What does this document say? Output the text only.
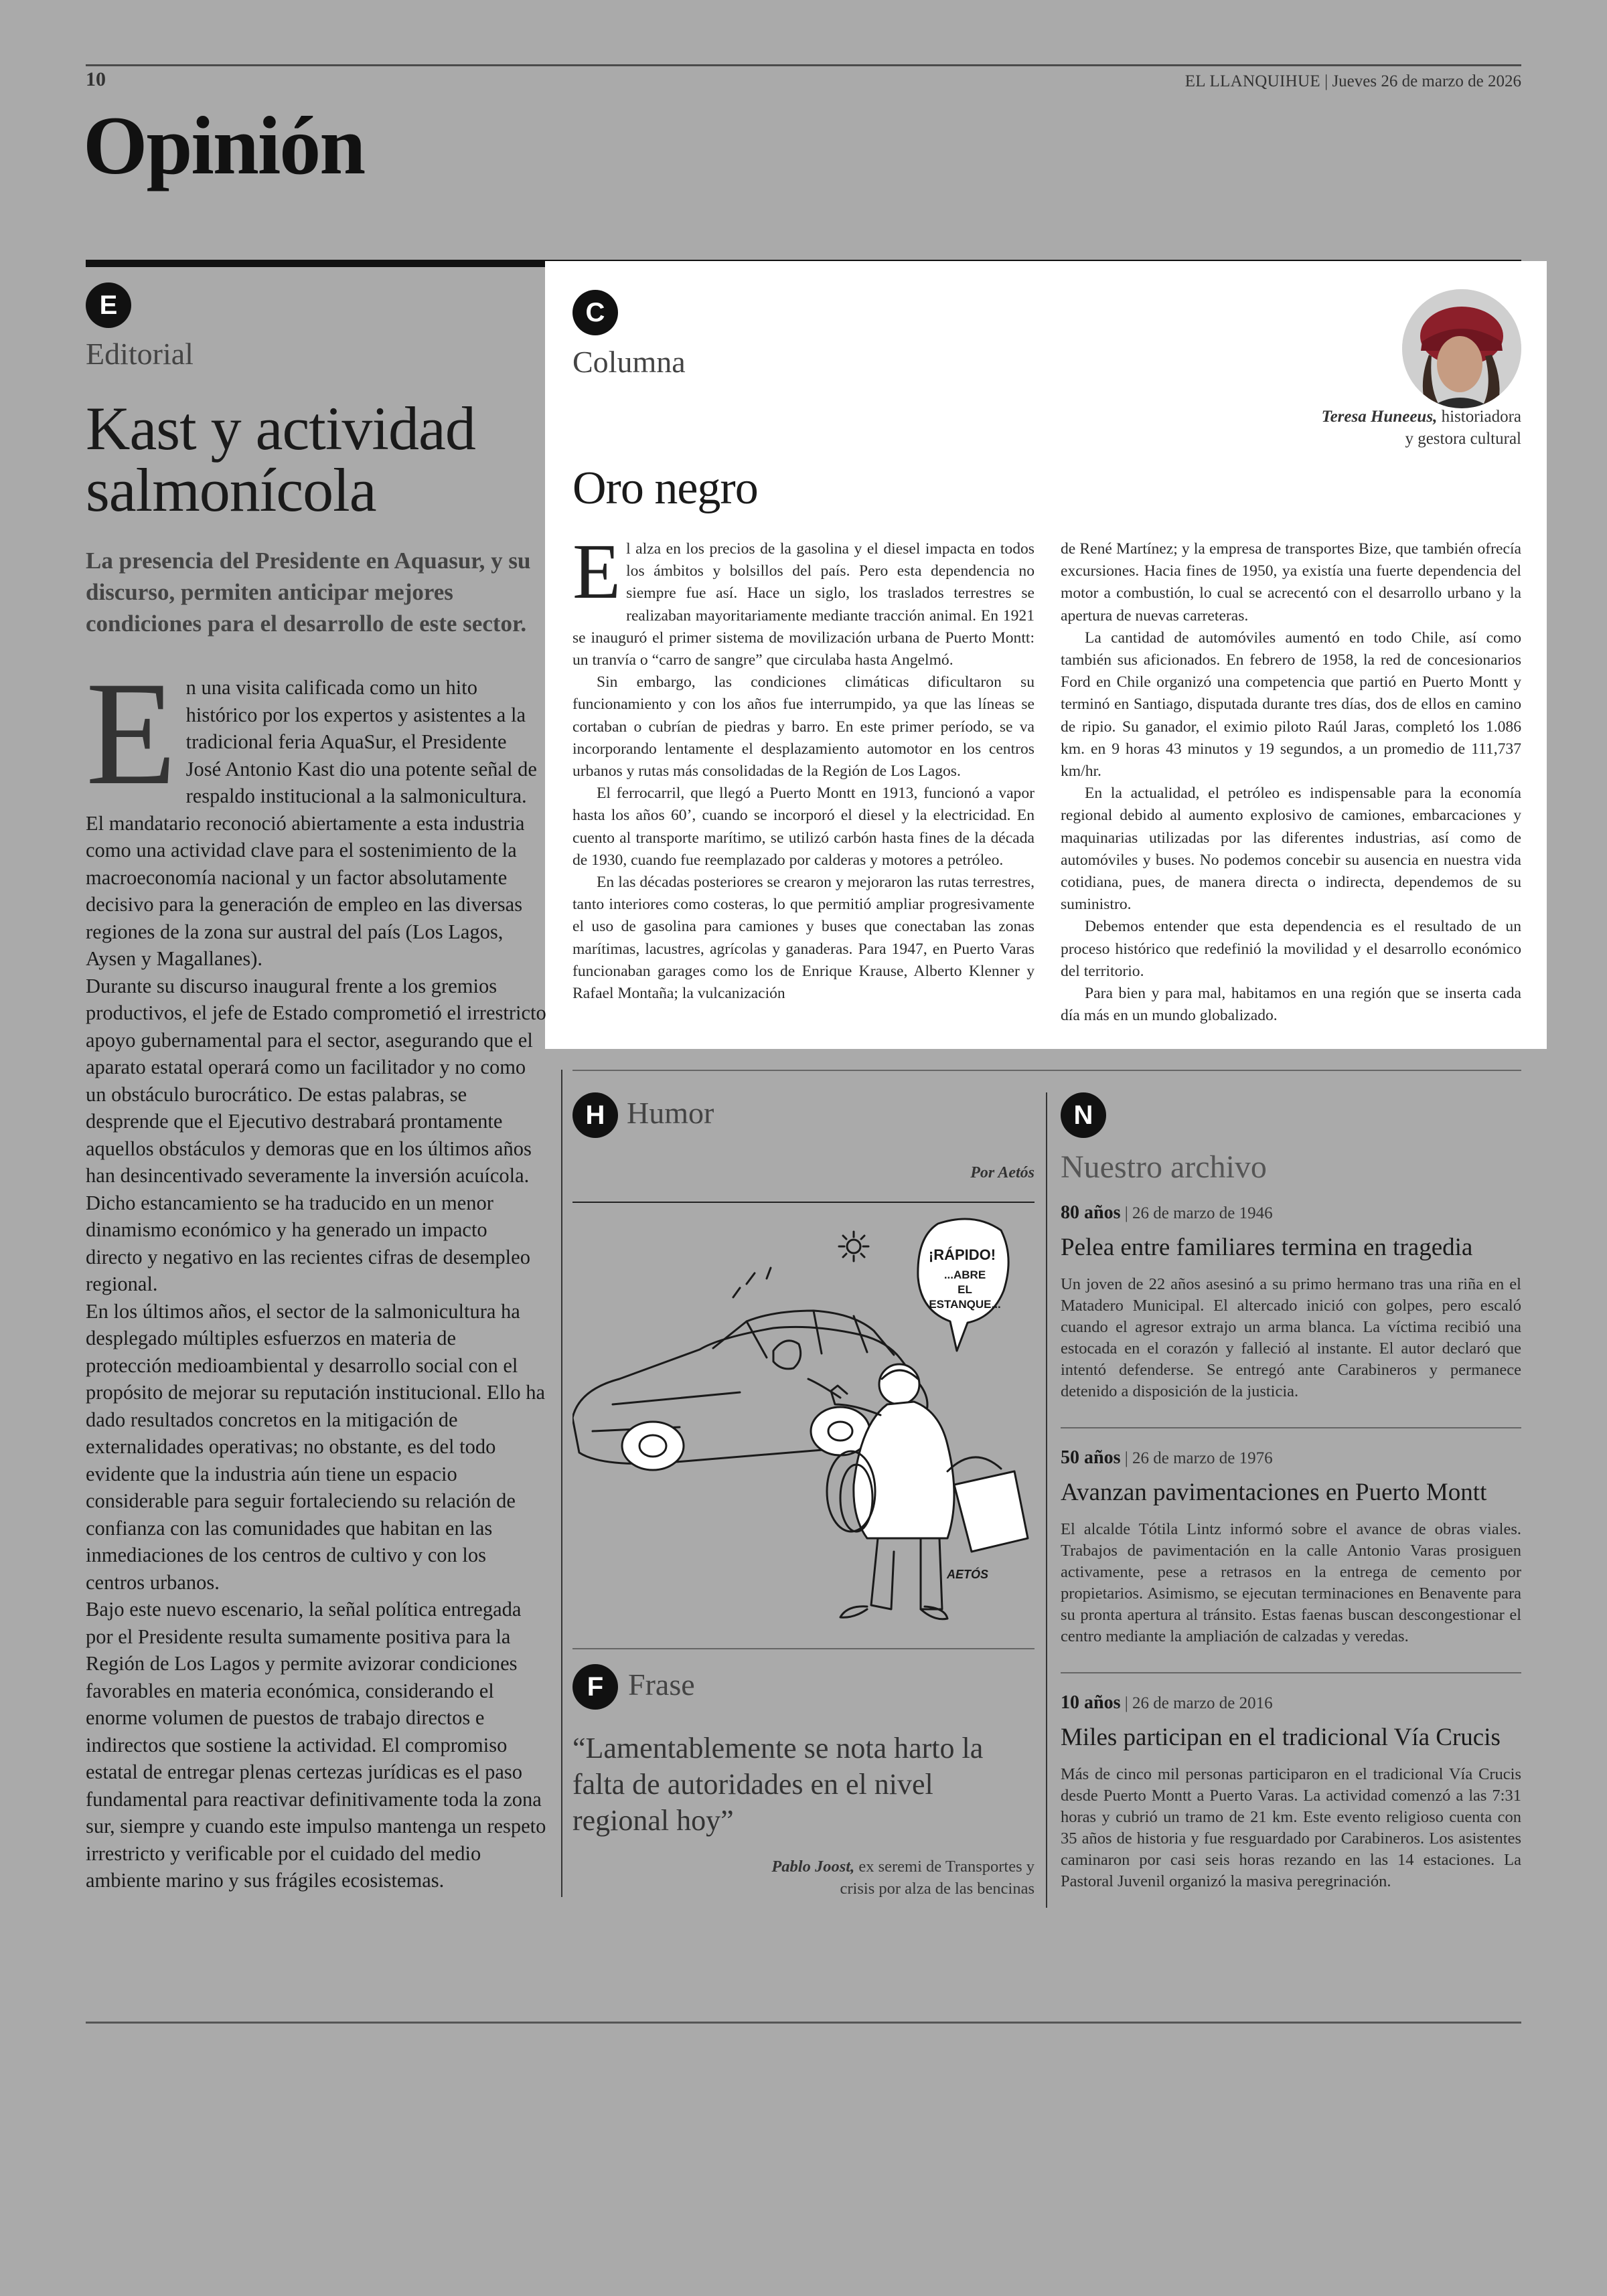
10	EL LLANQUIHUE | Jueves 26 de marzo de 2026
Opinión
E
Editorial
Kast y actividad salmonícola
La presencia del Presidente en Aquasur, y su discurso, permiten anticipar mejores condiciones para el desarrollo de este sector.

En una visita calificada como un hito histórico por los expertos y asistentes a la tradicional feria AquaSur, el Presidente José Antonio Kast dio una potente señal de respaldo institucional a la salmonicultura. El mandatario reconoció abiertamente a esta industria como una actividad clave para el sostenimiento de la macroeconomía nacional y un factor absolutamente decisivo para la generación de empleo en las diversas regiones de la zona sur austral del país (Los Lagos, Aysen y Magallanes).

Durante su discurso inaugural frente a los gremios productivos, el jefe de Estado comprometió el irrestricto apoyo gubernamental para el sector, asegurando que el aparato estatal operará como un facilitador y no como un obstáculo burocrático. De estas palabras, se desprende que el Ejecutivo destrabará prontamente aquellos obstáculos y demoras que en los últimos años han desincentivado severamente la inversión acuícola. Dicho estancamiento se ha traducido en un menor dinamismo económico y ha generado un impacto directo y negativo en las recientes cifras de desempleo regional.

En los últimos años, el sector de la salmonicultura ha desplegado múltiples esfuerzos en materia de protección medioambiental y desarrollo social con el propósito de mejorar su reputación institucional. Ello ha dado resultados concretos en la mitigación de externalidades operativas; no obstante, es del todo evidente que la industria aún tiene un espacio considerable para seguir fortaleciendo su relación de confianza con las comunidades que habitan en las inmediaciones de los centros de cultivo y con los centros urbanos.

Bajo este nuevo escenario, la señal política entregada por el Presidente resulta sumamente positiva para la Región de Los Lagos y permite avizorar condiciones favorables en materia económica, considerando el enorme volumen de puestos de trabajo directos e indirectos que sostiene la actividad. El compromiso estatal de entregar plenas certezas jurídicas es el paso fundamental para reactivar definitivamente toda la zona sur, siempre y cuando este impulso mantenga un respeto irrestricto y verificable por el cuidado del medio ambiente marino y sus frágiles ecosistemas.

C
Columna
Teresa Huneeus, historiadora
y gestora cultural
Oro negro

El alza en los precios de la gasolina y el diesel impacta en todos los ámbitos y bolsillos del país. Pero esta dependencia no siempre fue así. Hace un siglo, los traslados terrestres se realizaban mayoritariamente mediante tracción animal. En 1921 se inauguró el primer sistema de movilización urbana de Puerto Montt: un tranvía o “carro de sangre” que circulaba hasta Angelmó.

Sin embargo, las condiciones climáticas dificultaron su funcionamiento y con los años fue interrumpido, ya que las líneas se cortaban o cubrían de piedras y barro. En este primer período, se va incorporando lentamente el desplazamiento automotor en los centros urbanos y rutas más consolidadas de la Región de Los Lagos.

El ferrocarril, que llegó a Puerto Montt en 1913, funcionó a vapor hasta los años 60’, cuando se incorporó el diesel y la electricidad. En cuento al transporte marítimo, se utilizó carbón hasta fines de la década de 1930, cuando fue reemplazado por calderas y motores a petróleo.

En las décadas posteriores se crearon y mejoraron las rutas terrestres, tanto interiores como costeras, lo que permitió ampliar progresivamente el uso de gasolina para camiones y buses que conectaban las zonas marítimas, lacustres, agrícolas y ganaderas. Para 1947, en Puerto Varas funcionaban garages como los de Enrique Krause, Alberto Klenner y Rafael Montaña; la vulcanización

de René Martínez; y la empresa de transportes Bize, que también ofrecía excursiones. Hacia fines de 1950, ya existía una fuerte dependencia del motor a combustión, lo cual se acrecentó con el desarrollo urbano y la apertura de nuevas carreteras.

La cantidad de automóviles aumentó en todo Chile, así como también sus aficionados. En febrero de 1958, la red de concesionarios Ford en Chile organizó una competencia que partió en Puerto Montt y terminó en Santiago, disputada durante tres días, dos de ellos en camino de ripio. Su ganador, el eximio piloto Raúl Jaras, completó los 1.086 km. en 9 horas 43 minutos y 19 segundos, a un promedio de 111,737 km/hr.

En la actualidad, el petróleo es indispensable para la economía regional debido al aumento explosivo de camiones, embarcaciones y maquinarias utilizadas por las diferentes industrias, así como de automóviles y buses. No podemos concebir su ausencia en nuestra vida cotidiana, pues, de manera directa o indirecta, dependemos de su suministro.

Debemos entender que esta dependencia es el resultado de un proceso histórico que redefinió la movilidad y el desarrollo económico del territorio.

Para bien y para mal, habitamos en una región que se inserta cada día más en un mundo globalizado.

H Humor
Por Aetós
¡RÁPIDO!
...ABRE
EL
ESTANQUE...
AETÓS
F Frase
“Lamentablemente se nota harto la falta de autoridades en el nivel regional hoy”
Pablo Joost, ex seremi de Transportes y
crisis por alza de las bencinas
N
Nuestro archivo
80 años | 26 de marzo de 1946
Pelea entre familiares termina en tragedia
Un joven de 22 años asesinó a su primo hermano tras una riña en el Matadero Municipal. El altercado inició con golpes, pero escaló cuando el agresor extrajo un arma blanca. La víctima recibió una estocada en el corazón y falleció al instante. El autor declaró que intentó defenderse. Se entregó ante Carabineros y permanece detenido a disposición de la justicia.
50 años | 26 de marzo de 1976
Avanzan pavimentaciones en Puerto Montt
El alcalde Tótila Lintz informó sobre el avance de obras viales. Trabajos de pavimentación en la calle Antonio Varas prosiguen activamente, pese a retrasos en la entrega de cemento por propietarios. Asimismo, se ejecutan terminaciones en Benavente para su pronta apertura al tránsito. Estas faenas buscan descongestionar el centro mediante la ampliación de calzadas y veredas.
10 años | 26 de marzo de 2016
Miles participan en el tradicional Vía Crucis
Más de cinco mil personas participaron en el tradicional Vía Crucis desde Puerto Montt a Puerto Varas. La actividad comenzó a las 7:31 horas y cubrió un tramo de 21 km. Este evento religioso cuenta con 35 años de historia y fue resguardado por Carabineros. Los asistentes caminaron por casi seis horas rezando en las 14 estaciones. La Pastoral Juvenil organizó la masiva peregrinación.
